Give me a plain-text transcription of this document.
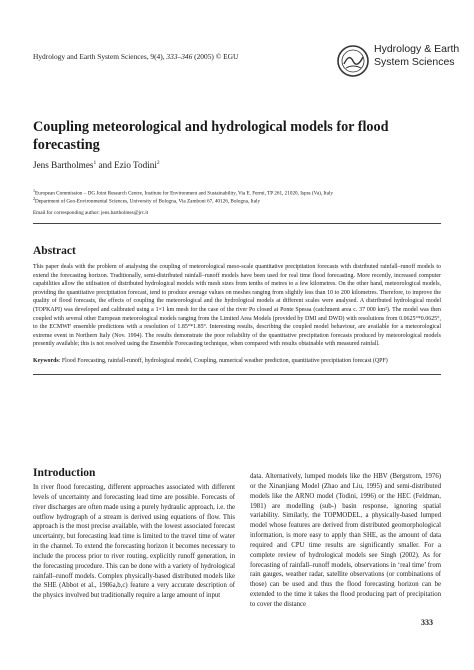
Hydrology and Earth System Sciences, 9(4), 333–346 (2005) © EGU
Hydrology & Earth
System Sciences
Coupling meteorological and hydrological models for flood forecasting
Jens Bartholmes$^1$ and Ezio Todini$^2$
$^1$European Commission – DG Joint Research Centre, Institute for Environment and Sustainability, Via E. Fermi, TP 261, 21020, Ispra (Va), Italy
$^2$Department of Geo-Environmental Sciences, University of Bologna, Via Zamboni 67, 40126, Bologna, Italy
Email for corresponding author: jens.bartholmes@jrc.it
Abstract

This paper deals with the problem of analysing the coupling of meteorological meso-scale quantitative precipitation forecasts with distributed rainfall–runoff models to extend the forecasting horizon. Traditionally, semi-distributed rainfall–runoff models have been used for real time flood forecasting. More recently, increased computer capabilities allow the utilisation of distributed hydrological models with mesh sizes from tenths of metres to a few kilometres. On the other hand, meteorological models, providing the quantitative precipitation forecast, tend to produce average values on meshes ranging from slightly less than 10 to 200 kilometres. Therefore, to improve the quality of flood forecasts, the effects of coupling the meteorological and the hydrological models at different scales were analysed. A distributed hydrological model (TOPKAPI) was developed and calibrated using a 1×1 km mesh for the case of the river Po closed at Ponte Spessa (catchment area c. 37 000 km²). The model was then coupled with several other European meteorological models ranging from the Limited Area Models (provided by DMI and DWD) with resolutions from 0.0625°*0.0625°, to the ECMWF ensemble predictions with a resolution of 1.85°*1.85°. Interesting results, describing the coupled model behaviour, are available for a meteorological extreme event in Northern Italy (Nov. 1994). The results demonstrate the poor reliability of the quantitative precipitation forecasts produced by meteorological models presently available; this is not resolved using the Ensemble Forecasting technique, when compared with results obtainable with measured rainfall.

Keywords: Flood Forecasting, rainfall-runoff, hydrological model, Coupling, numerical weather prediction, quantitative precipitation forecast (QPF)

Introduction

In river flood forecasting, different approaches associated with different levels of uncertainty and forecasting lead time are possible. Forecasts of river discharges are often made using a purely hydraulic approach, i.e. the outflow hydrograph of a stream is derived using equations of flow. This approach is the most precise available, with the lowest associated forecast uncertainty, but forecasting lead time is limited to the travel time of water in the channel. To extend the forecasting horizon it becomes necessary to include the process prior to river routing, explicitly runoff generation, in the forecasting procedure. This can be done with a variety of hydrological rainfall–runoff models. Complex physically-based distributed models like the SHE (Abbot et al., 1986a,b,c) feature a very accurate description of the physics involved but traditionally require a large amount of input

data. Alternatively, lumped models like the HBV (Bergstrom, 1976) or the Xinanjiang Model (Zhao and Liu, 1995) and semi-distributed models like the ARNO model (Todini, 1996) or the HEC (Feldman, 1981) are modelling (sub-) basin response, ignoring spatial variability. Similarly, the TOPMODEL, a physically-based lumped model whose features are derived from distributed geomorphological information, is more easy to apply than SHE, as the amount of data required and CPU time results are significantly smaller. For a complete review of hydrological models see Singh (2002). As for forecasting of rainfall–runoff models, observations in ‘real time’ from rain gauges, weather radar, satellite observations (or combinations of those) can be used and thus the flood forecasting horizon can be extended to the time it takes the flood producing part of precipitation to cover the distance

333
